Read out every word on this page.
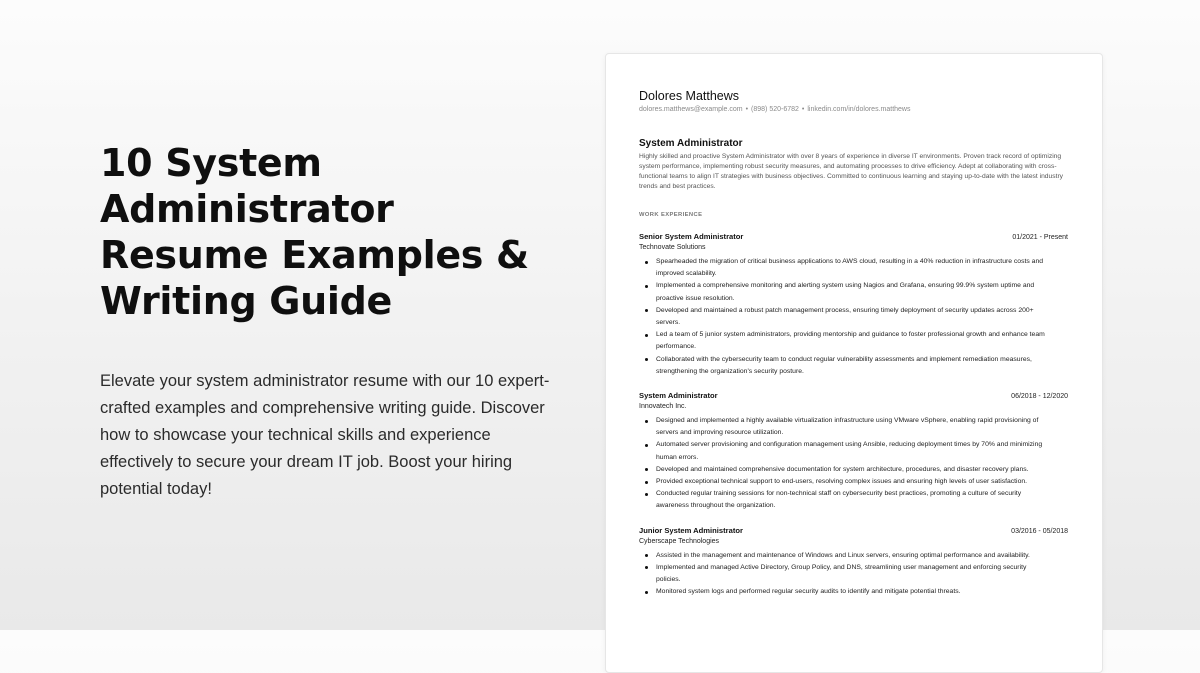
10 System Administrator Resume Examples & Writing Guide

Elevate your system administrator resume with our 10 expert-crafted examples and comprehensive writing guide. Discover how to showcase your technical skills and experience effectively to secure your dream IT job. Boost your hiring potential today!

Dolores Matthews
dolores.matthews@example.com • (898) 520-6782 • linkedin.com/in/dolores.matthews
System Administrator
Highly skilled and proactive System Administrator with over 8 years of experience in diverse IT environments. Proven track record of optimizing system performance, implementing robust security measures, and automating processes to drive efficiency. Adept at collaborating with cross-functional teams to align IT strategies with business objectives. Committed to continuous learning and staying up-to-date with the latest industry trends and best practices.
WORK EXPERIENCE
Senior System Administrator	01/2021 - Present
Technovate Solutions
Spearheaded the migration of critical business applications to AWS cloud, resulting in a 40% reduction in infrastructure costs and improved scalability.
Implemented a comprehensive monitoring and alerting system using Nagios and Grafana, ensuring 99.9% system uptime and proactive issue resolution.
Developed and maintained a robust patch management process, ensuring timely deployment of security updates across 200+ servers.
Led a team of 5 junior system administrators, providing mentorship and guidance to foster professional growth and enhance team performance.
Collaborated with the cybersecurity team to conduct regular vulnerability assessments and implement remediation measures, strengthening the organization's security posture.
System Administrator	06/2018 - 12/2020
Innovatech Inc.
Designed and implemented a highly available virtualization infrastructure using VMware vSphere, enabling rapid provisioning of servers and improving resource utilization.
Automated server provisioning and configuration management using Ansible, reducing deployment times by 70% and minimizing human errors.
Developed and maintained comprehensive documentation for system architecture, procedures, and disaster recovery plans.
Provided exceptional technical support to end-users, resolving complex issues and ensuring high levels of user satisfaction.
Conducted regular training sessions for non-technical staff on cybersecurity best practices, promoting a culture of security awareness throughout the organization.
Junior System Administrator	03/2016 - 05/2018
Cyberscape Technologies
Assisted in the management and maintenance of Windows and Linux servers, ensuring optimal performance and availability.
Implemented and managed Active Directory, Group Policy, and DNS, streamlining user management and enforcing security policies.
Monitored system logs and performed regular security audits to identify and mitigate potential threats.
